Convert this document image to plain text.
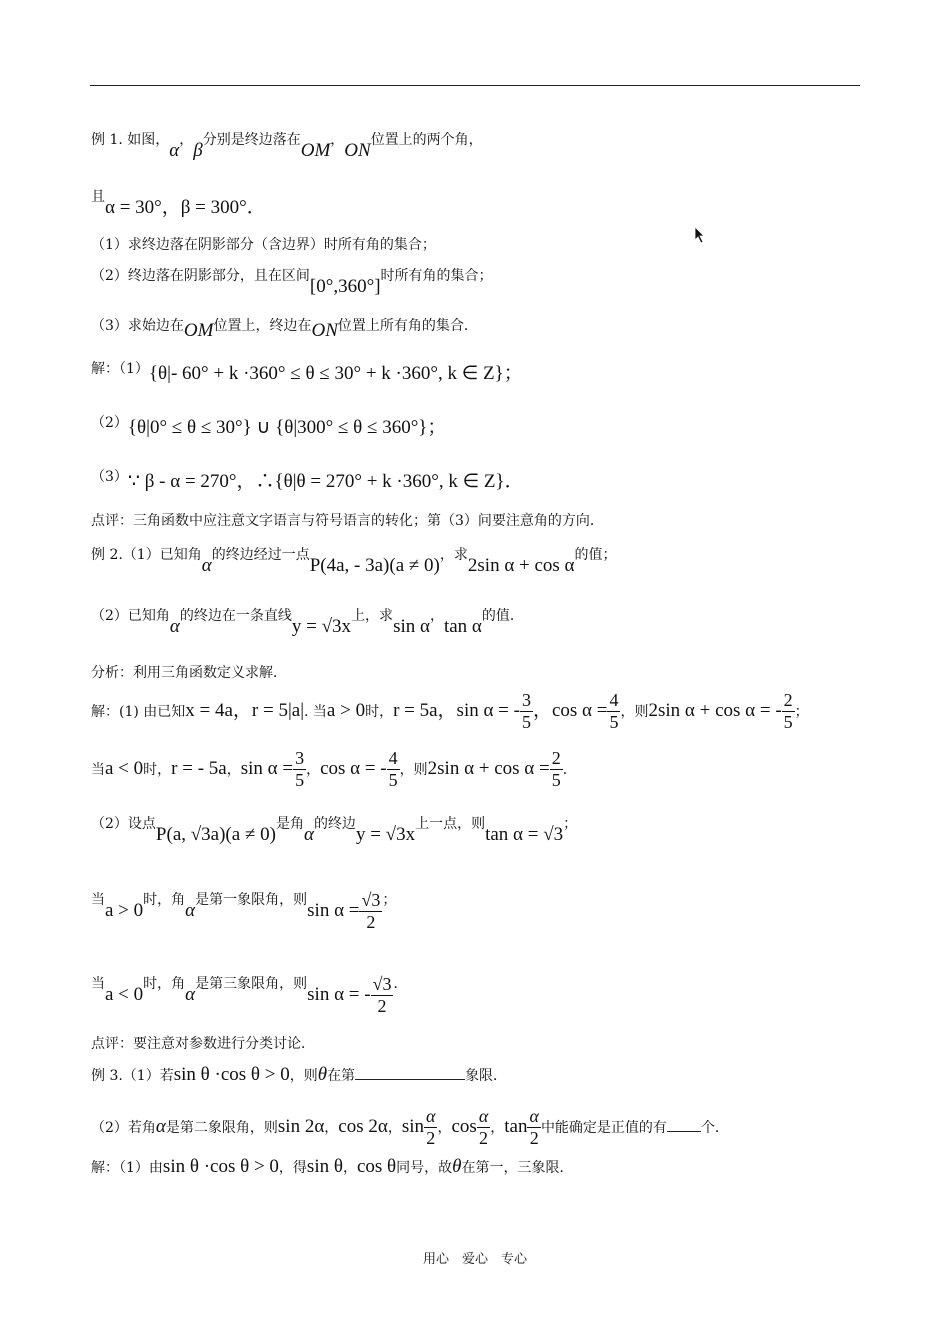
例 1. 如图，α，β分别是终边落在OM，ON位置上的两个角，
且α = 30°，β = 300°．
（1）求终边落在阴影部分（含边界）时所有角的集合；
（2）终边落在阴影部分，且在区间[0°,360°]时所有角的集合；
（3）求始边在OM位置上，终边在ON位置上所有角的集合．
解：（1）{θ|- 60° + k ·360° ≤ θ ≤ 30° + k ·360°, k ∈ Z}；
（2）{θ|0° ≤ θ ≤ 30°} ∪ {θ|300° ≤ θ ≤ 360°}；
（3）∵ β - α = 270°，∴{θ|θ = 270° + k ·360°, k ∈ Z}．
点评：三角函数中应注意文字语言与符号语言的转化；第（3）问要注意角的方向．
例 2.（1）已知角α的终边经过一点P(4a, - 3a)(a ≠ 0)，求2sin α + cos α的值；
（2）已知角α的终边在一条直线y = √3x上，求sin α，tan α的值．
分析：利用三角函数定义求解．
解：(1) 由已知x = 4a，r = 5|a|. 当a > 0时，r = 5a，sin α = - $\frac{3}{5}$ ，$\cos \alpha = \frac{4}{5}$ ，则2sin α + cos α = - $\frac{2}{5}$ ；
当a < 0时，r = - 5a，$\sin \alpha = \frac{3}{5}$ ，cos α = - $\frac{4}{5}$ ，则2sin $\alpha + \cos \alpha = \frac{2}{5}$ ．
（2）设点P(a, √3a)(a ≠ 0)是角α的终边y = √3x上一点，则tan α = √3；
当a > 0时，角α是第一象限角，则$\sin \alpha = \frac{√3}{2}$ ；
当a < 0时，角α是第三象限角，则sin α = - $\frac{√3}{2}$ ．
点评：要注意对参数进行分类讨论．
例 3.（1）若sin θ ·cos θ > 0，则θ在第	象限．
（2）若角α是第二象限角，则sin 2α，cos 2α，$\sin \frac{\alpha}{2}$ ，$\cos \frac{\alpha}{2}$ ，$\tan \frac{\alpha}{2}$ 中能确定是正值的有 个．
解：（1）由sin θ ·cos θ > 0，得sin θ，cos θ同号，故θ在第一，三象限．
用心　爱心　专心
